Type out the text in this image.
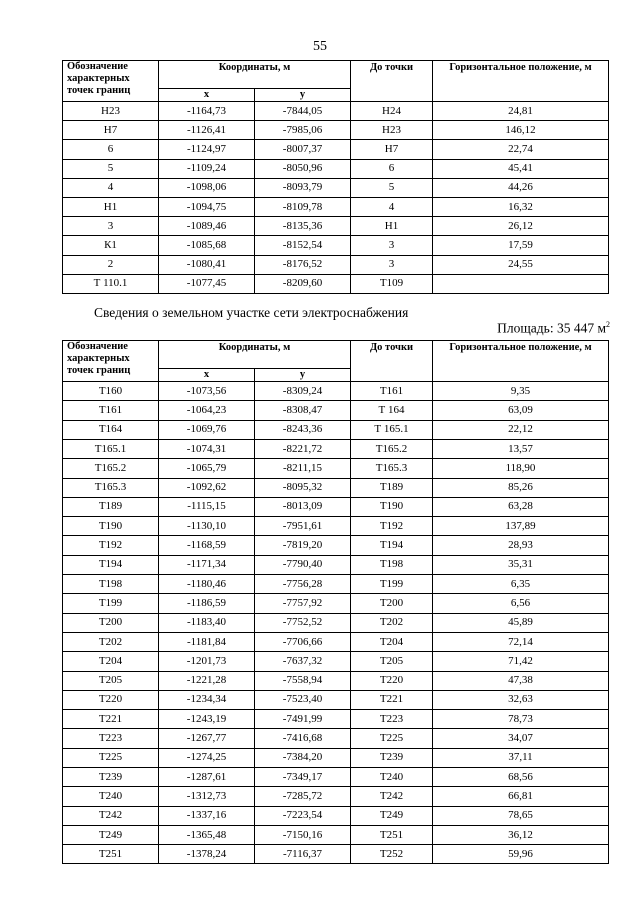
55
Обозначение характерных точек границ	Координаты, м		До точки	Горизонтальное положение, м
	x	y		
Н23	-1164,73	-7844,05	Н24	24,81
Н7	-1126,41	-7985,06	Н23	146,12
6	-1124,97	-8007,37	Н7	22,74
5	-1109,24	-8050,96	6	45,41
4	-1098,06	-8093,79	5	44,26
Н1	-1094,75	-8109,78	4	16,32
3	-1089,46	-8135,36	Н1	26,12
К1	-1085,68	-8152,54	3	17,59
2	-1080,41	-8176,52	3	24,55
Т 110.1	-1077,45	-8209,60	Т109	
Сведения о земельном участке сети электроснабжения
Площадь: 35 447 $м^2$
Обозначение характерных точек границ	Координаты, м		До точки	Горизонтальное положение, м
	x	y		
Т160	-1073,56	-8309,24	Т161	9,35
Т161	-1064,23	-8308,47	Т 164	63,09
Т164	-1069,76	-8243,36	Т 165.1	22,12
Т165.1	-1074,31	-8221,72	Т165.2	13,57
Т165.2	-1065,79	-8211,15	Т165.3	118,90
Т165.3	-1092,62	-8095,32	Т189	85,26
Т189	-1115,15	-8013,09	Т190	63,28
Т190	-1130,10	-7951,61	Т192	137,89
Т192	-1168,59	-7819,20	Т194	28,93
Т194	-1171,34	-7790,40	Т198	35,31
Т198	-1180,46	-7756,28	Т199	6,35
Т199	-1186,59	-7757,92	Т200	6,56
Т200	-1183,40	-7752,52	Т202	45,89
Т202	-1181,84	-7706,66	Т204	72,14
Т204	-1201,73	-7637,32	Т205	71,42
Т205	-1221,28	-7558,94	Т220	47,38
Т220	-1234,34	-7523,40	Т221	32,63
Т221	-1243,19	-7491,99	Т223	78,73
Т223	-1267,77	-7416,68	Т225	34,07
Т225	-1274,25	-7384,20	Т239	37,11
Т239	-1287,61	-7349,17	Т240	68,56
Т240	-1312,73	-7285,72	Т242	66,81
Т242	-1337,16	-7223,54	Т249	78,65
Т249	-1365,48	-7150,16	Т251	36,12
Т251	-1378,24	-7116,37	Т252	59,96
